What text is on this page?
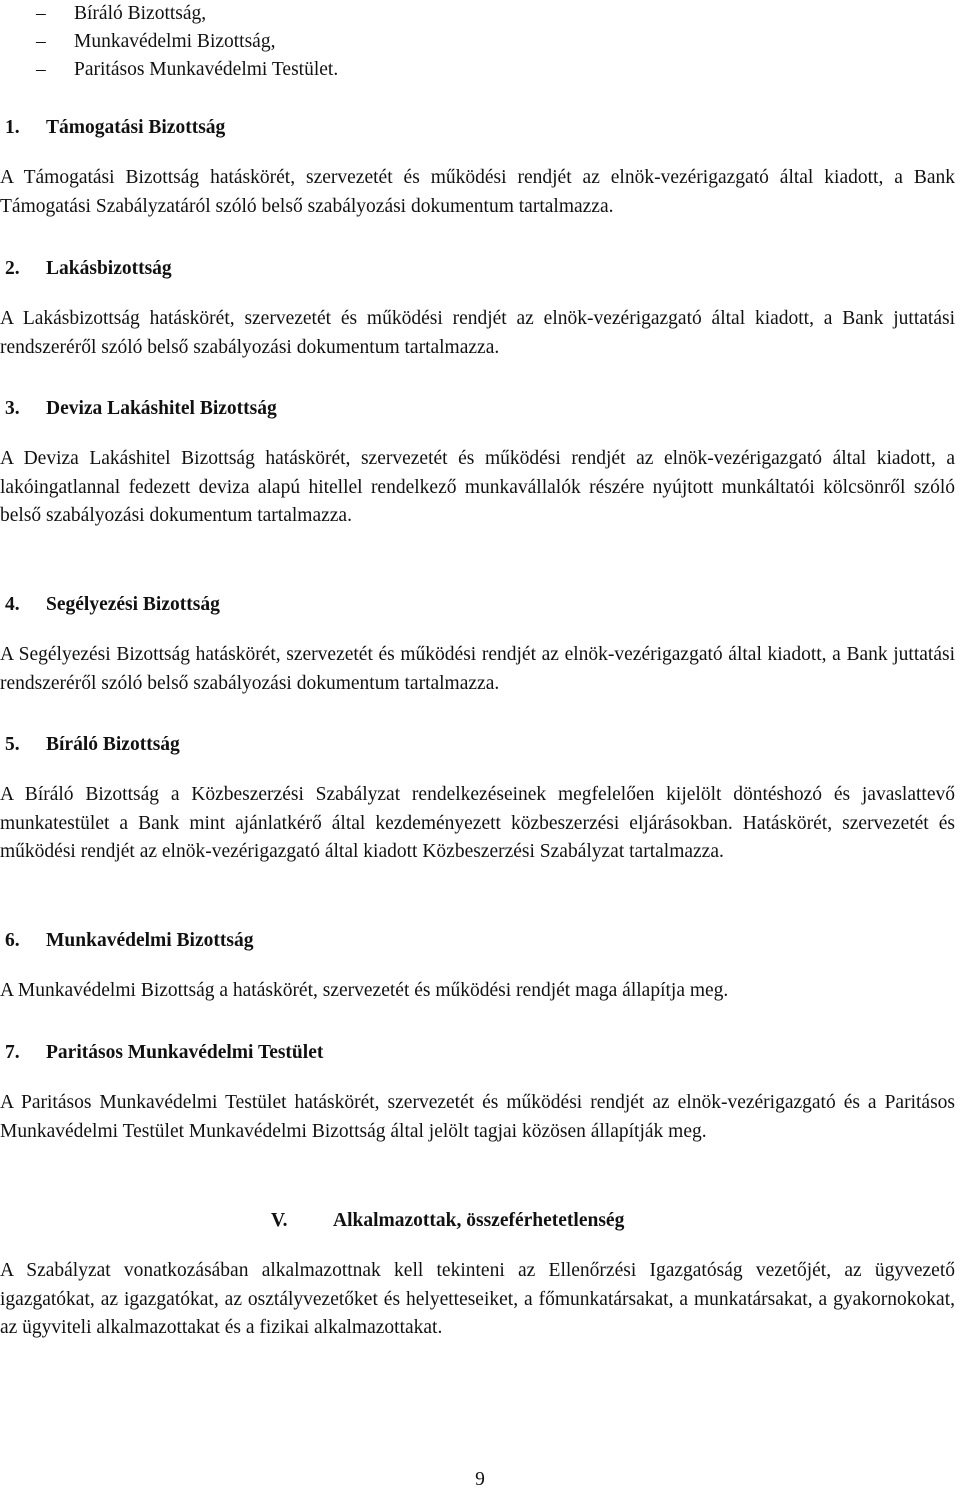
– Bíráló Bizottság,
– Munkavédelmi Bizottság,
– Paritásos Munkavédelmi Testület.
1. Támogatási Bizottság
A Támogatási Bizottság hatáskörét, szervezetét és működési rendjét az elnök-vezérigazgató által kiadott, a Bank Támogatási Szabályzatáról szóló belső szabályozási dokumentum tartalmazza.
2. Lakásbizottság
A Lakásbizottság hatáskörét, szervezetét és működési rendjét az elnök-vezérigazgató által kiadott, a Bank juttatási rendszeréről szóló belső szabályozási dokumentum tartalmazza.
3. Deviza Lakáshitel Bizottság
A Deviza Lakáshitel Bizottság hatáskörét, szervezetét és működési rendjét az elnök-vezérigazgató által kiadott, a lakóingatlannal fedezett deviza alapú hitellel rendelkező munkavállalók részére nyújtott munkáltatói kölcsönről szóló belső szabályozási dokumentum tartalmazza.
4. Segélyezési Bizottság
A Segélyezési Bizottság hatáskörét, szervezetét és működési rendjét az elnök-vezérigazgató által kiadott, a Bank juttatási rendszeréről szóló belső szabályozási dokumentum tartalmazza.
5. Bíráló Bizottság
A Bíráló Bizottság a Közbeszerzési Szabályzat rendelkezéseinek megfelelően kijelölt döntéshozó és javaslattevő munkatestület a Bank mint ajánlatkérő által kezdeményezett közbeszerzési eljárásokban. Hatáskörét, szervezetét és működési rendjét az elnök-vezérigazgató által kiadott Közbeszerzési Szabályzat tartalmazza.
6. Munkavédelmi Bizottság
A Munkavédelmi Bizottság a hatáskörét, szervezetét és működési rendjét maga állapítja meg.
7. Paritásos Munkavédelmi Testület
A Paritásos Munkavédelmi Testület hatáskörét, szervezetét és működési rendjét az elnök-vezérigazgató és a Paritásos Munkavédelmi Testület Munkavédelmi Bizottság által jelölt tagjai közösen állapítják meg.
V. Alkalmazottak, összeférhetetlenség
A Szabályzat vonatkozásában alkalmazottnak kell tekinteni az Ellenőrzési Igazgatóság vezetőjét, az ügyvezető igazgatókat, az igazgatókat, az osztályvezetőket és helyetteseiket, a főmunkatársakat, a munkatársakat, a gyakornokokat, az ügyviteli alkalmazottakat és a fizikai alkalmazottakat.
9
